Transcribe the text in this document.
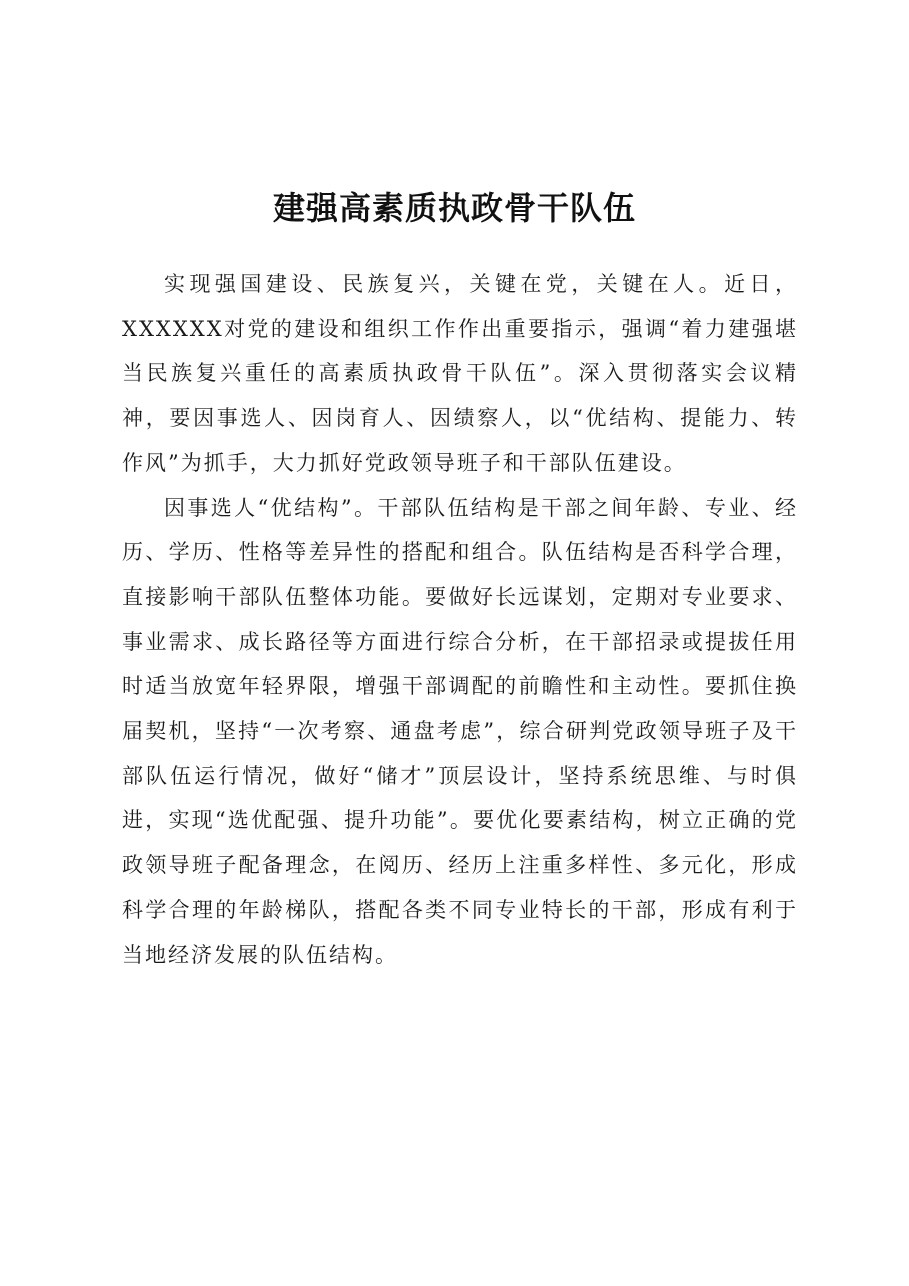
建强高素质执政骨干队伍

实现强国建设、民族复兴，关键在党，关键在人。近日，XXXXXX对党的建设和组织工作作出重要指示，强调“着力建强堪当民族复兴重任的高素质执政骨干队伍”。深入贯彻落实会议精神，要因事选人、因岗育人、因绩察人，以“优结构、提能力、转作风”为抓手，大力抓好党政领导班子和干部队伍建设。

因事选人“优结构”。干部队伍结构是干部之间年龄、专业、经历、学历、性格等差异性的搭配和组合。队伍结构是否科学合理，直接影响干部队伍整体功能。要做好长远谋划，定期对专业要求、事业需求、成长路径等方面进行综合分析，在干部招录或提拔任用时适当放宽年轻界限，增强干部调配的前瞻性和主动性。要抓住换届契机，坚持“一次考察、通盘考虑”，综合研判党政领导班子及干部队伍运行情况，做好“储才”顶层设计，坚持系统思维、与时俱进，实现“选优配强、提升功能”。要优化要素结构，树立正确的党政领导班子配备理念，在阅历、经历上注重多样性、多元化，形成科学合理的年龄梯队，搭配各类不同专业特长的干部，形成有利于当地经济发展的队伍结构。
